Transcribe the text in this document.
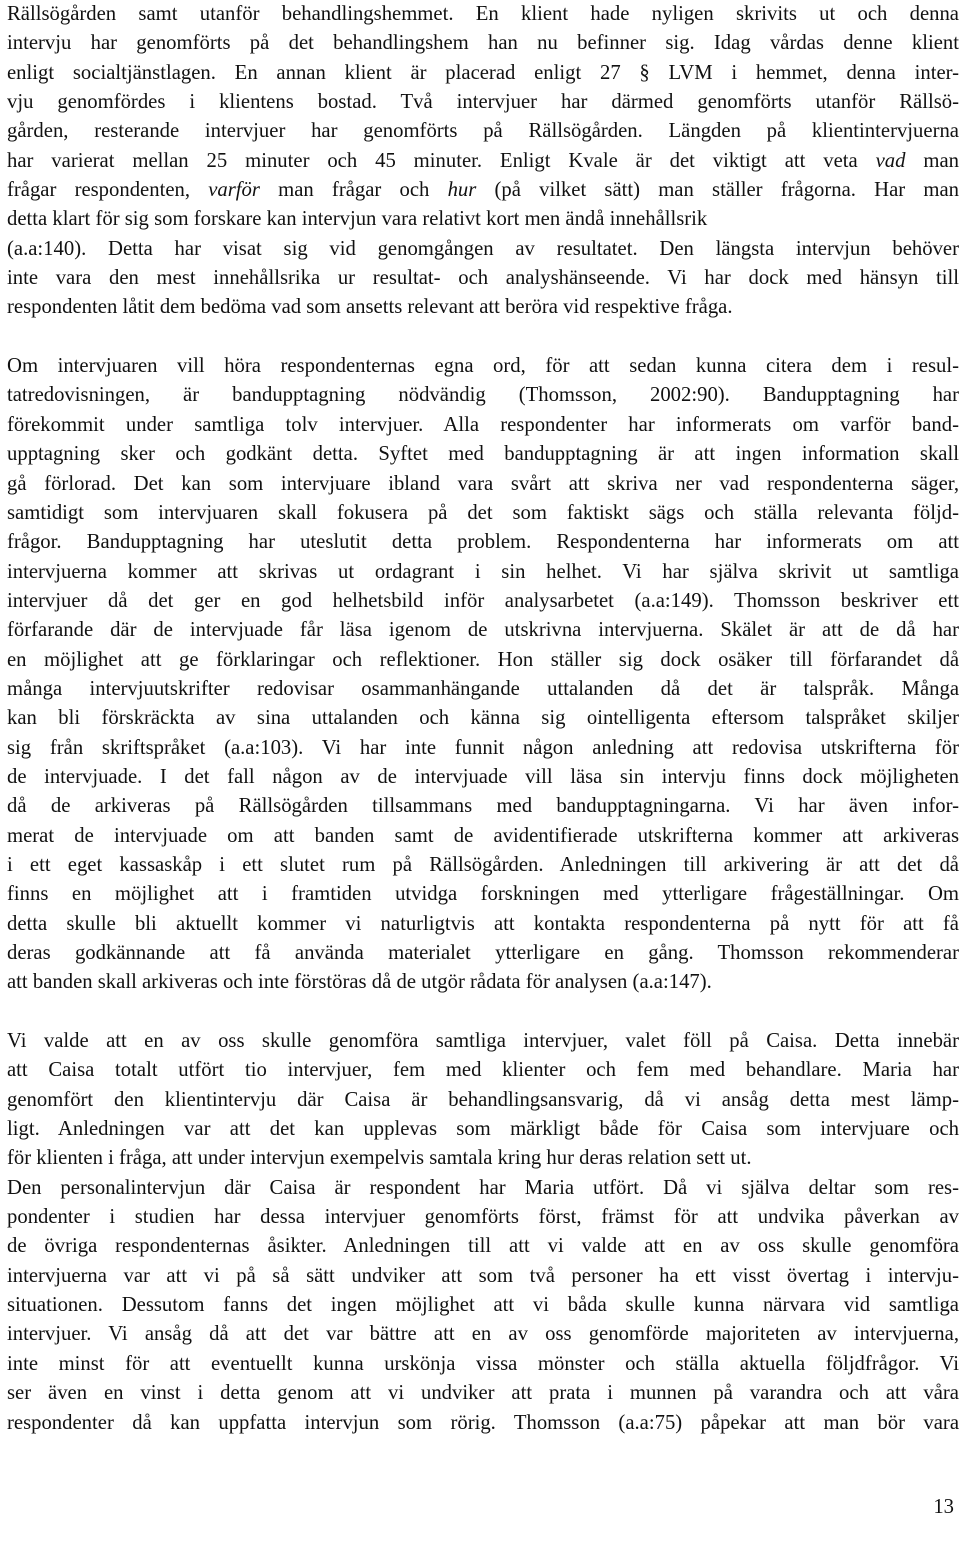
Rällsögården samt utanför behandlingshemmet. En klient hade nyligen skrivits ut och denna
intervju har genomförts på det behandlingshem han nu befinner sig. Idag vårdas denne klient
enligt socialtjänstlagen. En annan klient är placerad enligt 27 § LVM i hemmet, denna inter-
vju genomfördes i klientens bostad. Två intervjuer har därmed genomförts utanför Rällsö-
gården, resterande intervjuer har genomförts på Rällsögården. Längden på klientintervjuerna
har varierat mellan 25 minuter och 45 minuter. Enligt Kvale är det viktigt att veta vad man
frågar respondenten, varför man frågar och hur (på vilket sätt) man ställer frågorna. Har man
detta klart för sig som forskare kan intervjun vara relativt kort men ändå innehållsrik
(a.a:140). Detta har visat sig vid genomgången av resultatet. Den längsta intervjun behöver
inte vara den mest innehållsrika ur resultat- och analyshänseende. Vi har dock med hänsyn till
respondenten låtit dem bedöma vad som ansetts relevant att beröra vid respektive fråga.
Om intervjuaren vill höra respondenternas egna ord, för att sedan kunna citera dem i resul-
tatredovisningen, är bandupptagning nödvändig (Thomsson, 2002:90). Bandupptagning har
förekommit under samtliga tolv intervjuer. Alla respondenter har informerats om varför band-
upptagning sker och godkänt detta. Syftet med bandupptagning är att ingen information skall
gå förlorad. Det kan som intervjuare ibland vara svårt att skriva ner vad respondenterna säger,
samtidigt som intervjuaren skall fokusera på det som faktiskt sägs och ställa relevanta följd-
frågor. Bandupptagning har uteslutit detta problem. Respondenterna har informerats om att
intervjuerna kommer att skrivas ut ordagrant i sin helhet. Vi har själva skrivit ut samtliga
intervjuer då det ger en god helhetsbild inför analysarbetet (a.a:149). Thomsson beskriver ett
förfarande där de intervjuade får läsa igenom de utskrivna intervjuerna. Skälet är att de då har
en möjlighet att ge förklaringar och reflektioner. Hon ställer sig dock osäker till förfarandet då
många intervjuutskrifter redovisar osammanhängande uttalanden då det är talspråk. Många
kan bli förskräckta av sina uttalanden och känna sig ointelligenta eftersom talspråket skiljer
sig från skriftspråket (a.a:103). Vi har inte funnit någon anledning att redovisa utskrifterna för
de intervjuade. I det fall någon av de intervjuade vill läsa sin intervju finns dock möjligheten
då de arkiveras på Rällsögården tillsammans med bandupptagningarna. Vi har även infor-
merat de intervjuade om att banden samt de avidentifierade utskrifterna kommer att arkiveras
i ett eget kassaskåp i ett slutet rum på Rällsögården. Anledningen till arkivering är att det då
finns en möjlighet att i framtiden utvidga forskningen med ytterligare frågeställningar. Om
detta skulle bli aktuellt kommer vi naturligtvis att kontakta respondenterna på nytt för att få
deras godkännande att få använda materialet ytterligare en gång. Thomsson rekommenderar
att banden skall arkiveras och inte förstöras då de utgör rådata för analysen (a.a:147).
Vi valde att en av oss skulle genomföra samtliga intervjuer, valet föll på Caisa. Detta innebär
att Caisa totalt utfört tio intervjuer, fem med klienter och fem med behandlare. Maria har
genomfört den klientintervju där Caisa är behandlingsansvarig, då vi ansåg detta mest lämp-
ligt. Anledningen var att det kan upplevas som märkligt både för Caisa som intervjuare och
för klienten i fråga, att under intervjun exempelvis samtala kring hur deras relation sett ut.
Den personalintervjun där Caisa är respondent har Maria utfört. Då vi själva deltar som res-
pondenter i studien har dessa intervjuer genomförts först, främst för att undvika påverkan av
de övriga respondenternas åsikter. Anledningen till att vi valde att en av oss skulle genomföra
intervjuerna var att vi på så sätt undviker att som två personer ha ett visst övertag i intervju-
situationen. Dessutom fanns det ingen möjlighet att vi båda skulle kunna närvara vid samtliga
intervjuer. Vi ansåg då att det var bättre att en av oss genomförde majoriteten av intervjuerna,
inte minst för att eventuellt kunna urskönja vissa mönster och ställa aktuella följdfrågor. Vi
ser även en vinst i detta genom att vi undviker att prata i munnen på varandra och att våra
respondenter då kan uppfatta intervjun som rörig. Thomsson (a.a:75) påpekar att man bör vara
13
